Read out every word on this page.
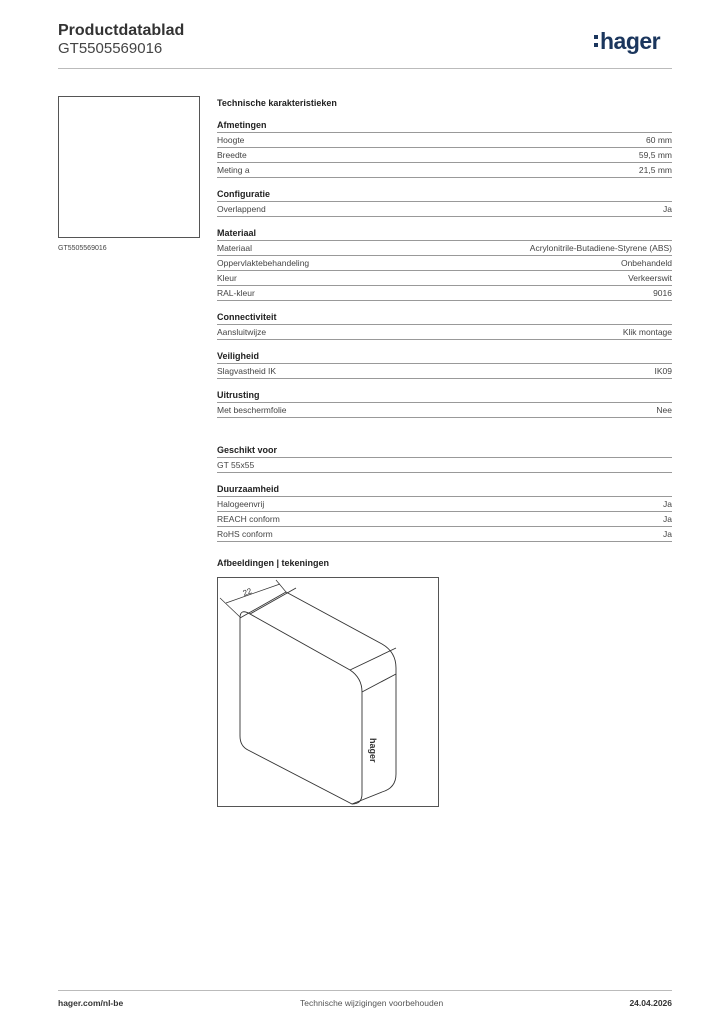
Productdatablad
GT5505569016	hager
GT5505569016
Technische karakteristieken
Afmetingen
Hoogte	60 mm
Breedte	59,5 mm
Meting a	21,5 mm
Configuratie
Overlappend	Ja
Materiaal
Materiaal	Acrylonitrile-Butadiene-Styrene (ABS)
Oppervlaktebehandeling	Onbehandeld
Kleur	Verkeerswit
RAL-kleur	9016
Connectiviteit
Aansluitwijze	Klik montage
Veiligheid
Slagvastheid IK	IK09
Uitrusting
Met beschermfolie	Nee
Geschikt voor
GT 55x55
Duurzaamheid
Halogeenvrij	Ja
REACH conform	Ja
RoHS conform	Ja
Afbeeldingen | tekeningen
22
hager
hager.com/nl-be	Technische wijzigingen voorbehouden	24.04.2026
